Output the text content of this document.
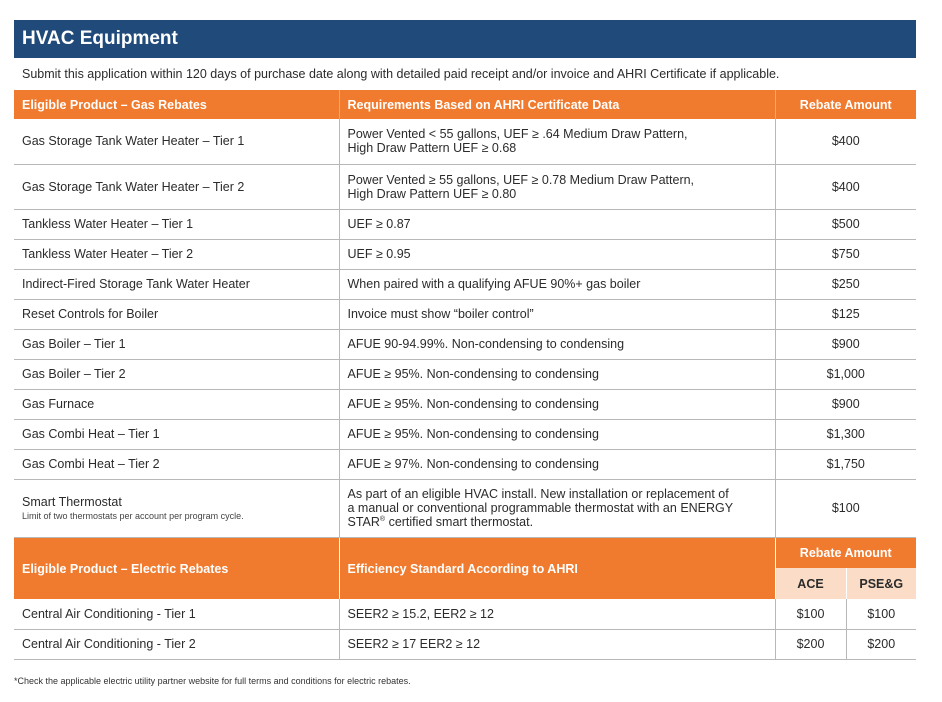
HVAC Equipment
Submit this application within 120 days of purchase date along with detailed paid receipt and/or invoice and AHRI Certificate if applicable.
Eligible Product – Gas Rebates	Requirements Based on AHRI Certificate Data	Rebate Amount
Gas Storage Tank Water Heater – Tier 1	Power Vented < 55 gallons, UEF ≥ .64 Medium Draw Pattern,
High Draw Pattern UEF ≥ 0.68	$400
Gas Storage Tank Water Heater – Tier 2	Power Vented ≥ 55 gallons, UEF ≥ 0.78 Medium Draw Pattern,
High Draw Pattern UEF ≥ 0.80	$400
Tankless Water Heater – Tier 1	UEF ≥ 0.87	$500
Tankless Water Heater – Tier 2	UEF ≥ 0.95	$750
Indirect-Fired Storage Tank Water Heater	When paired with a qualifying AFUE 90%+ gas boiler	$250
Reset Controls for Boiler	Invoice must show “boiler control”	$125
Gas Boiler – Tier 1	AFUE 90-94.99%. Non-condensing to condensing	$900
Gas Boiler – Tier 2	AFUE ≥ 95%. Non-condensing to condensing	$1,000
Gas Furnace	AFUE ≥ 95%. Non-condensing to condensing	$900
Gas Combi Heat – Tier 1	AFUE ≥ 95%. Non-condensing to condensing	$1,300
Gas Combi Heat – Tier 2	AFUE ≥ 97%. Non-condensing to condensing	$1,750
Smart Thermostat
Limit of two thermostats per account per program cycle.	As part of an eligible HVAC install. New installation or replacement of
a manual or conventional programmable thermostat with an ENERGY
STAR® certified smart thermostat.	$100
Eligible Product – Electric Rebates	Efficiency Standard According to AHRI	Rebate Amount	
		ACE	PSE&G
Central Air Conditioning - Tier 1	SEER2 ≥ 15.2, EER2 ≥ 12	$100	$100
Central Air Conditioning - Tier 2	SEER2 ≥ 17 EER2 ≥ 12	$200	$200
*Check the applicable electric utility partner website for full terms and conditions for electric rebates.
